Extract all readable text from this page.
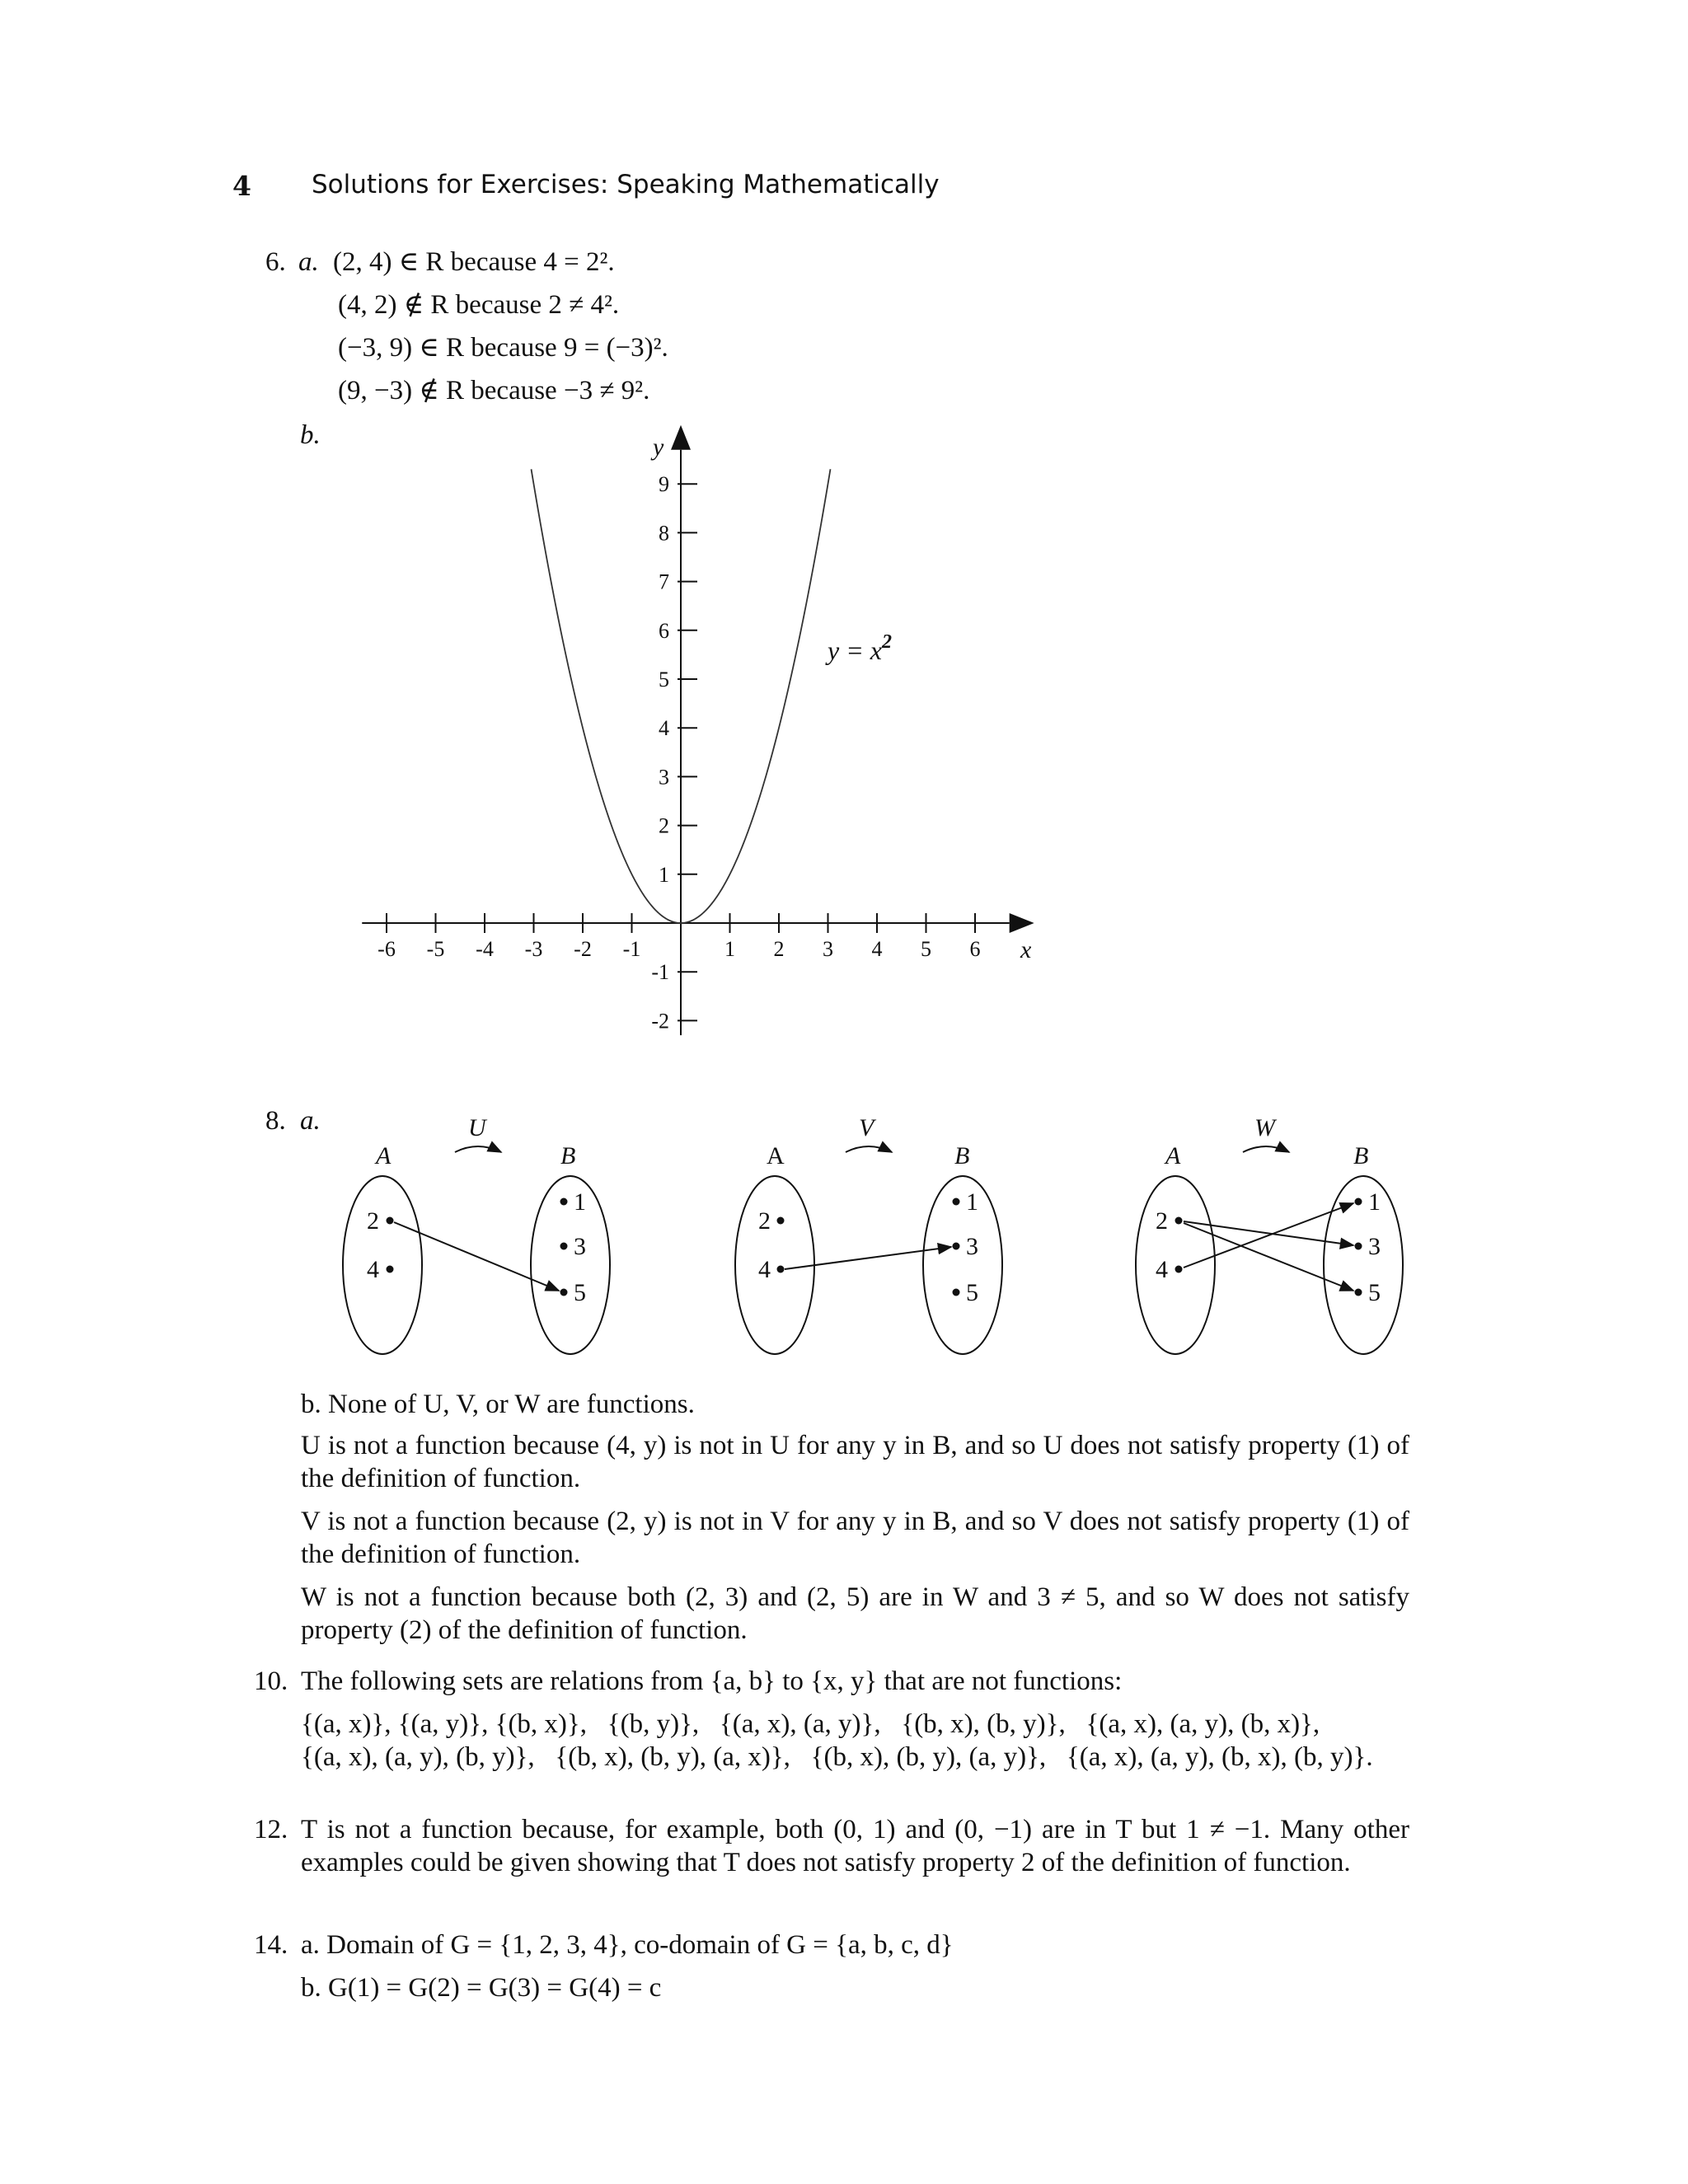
4 Solutions for Exercises: Speaking Mathematically
6. a. (2, 4) ∈ R because 4 = 2².
(4, 2) ∉ R because 2 ≠ 4².
(−3, 9) ∈ R because 9 = (−3)².
(9, −3) ∉ R because −3 ≠ 9².
b.
-6 -5 -4 -3 -2 -1	1 2 3 4 5 6
9
8
7
6
5
4
3
2
1
-1
-2
x
y
$y = x^2$
8. a.	U
A	B
2
4
1
3
5
V
A	B
2
4
1
3
5
W
A	B
2
4
1
3
5
b. None of U, V, or W are functions.
U is not a function because (4, y) is not in U for any y in B, and so U does not satisfy property (1) of the definition of function.
V is not a function because (2, y) is not in V for any y in B, and so V does not satisfy property (1) of the definition of function.
W is not a function because both (2, 3) and (2, 5) are in W and 3 ≠ 5, and so W does not satisfy property (2) of the definition of function.
10. The following sets are relations from {a, b} to {x, y} that are not functions:
{(a, x)}, {(a, y)}, {(b, x)},   {(b, y)},   {(a, x), (a, y)},   {(b, x), (b, y)},   {(a, x), (a, y), (b, x)},
{(a, x), (a, y), (b, y)},   {(b, x), (b, y), (a, x)},   {(b, x), (b, y), (a, y)},   {(a, x), (a, y), (b, x), (b, y)}.
12. T is not a function because, for example, both (0, 1) and (0, −1) are in T but 1 ≠ −1. Many other examples could be given showing that T does not satisfy property 2 of the definition of function.
14. a. Domain of G = {1, 2, 3, 4}, co-domain of G = {a, b, c, d}
b. G(1) = G(2) = G(3) = G(4) = c
